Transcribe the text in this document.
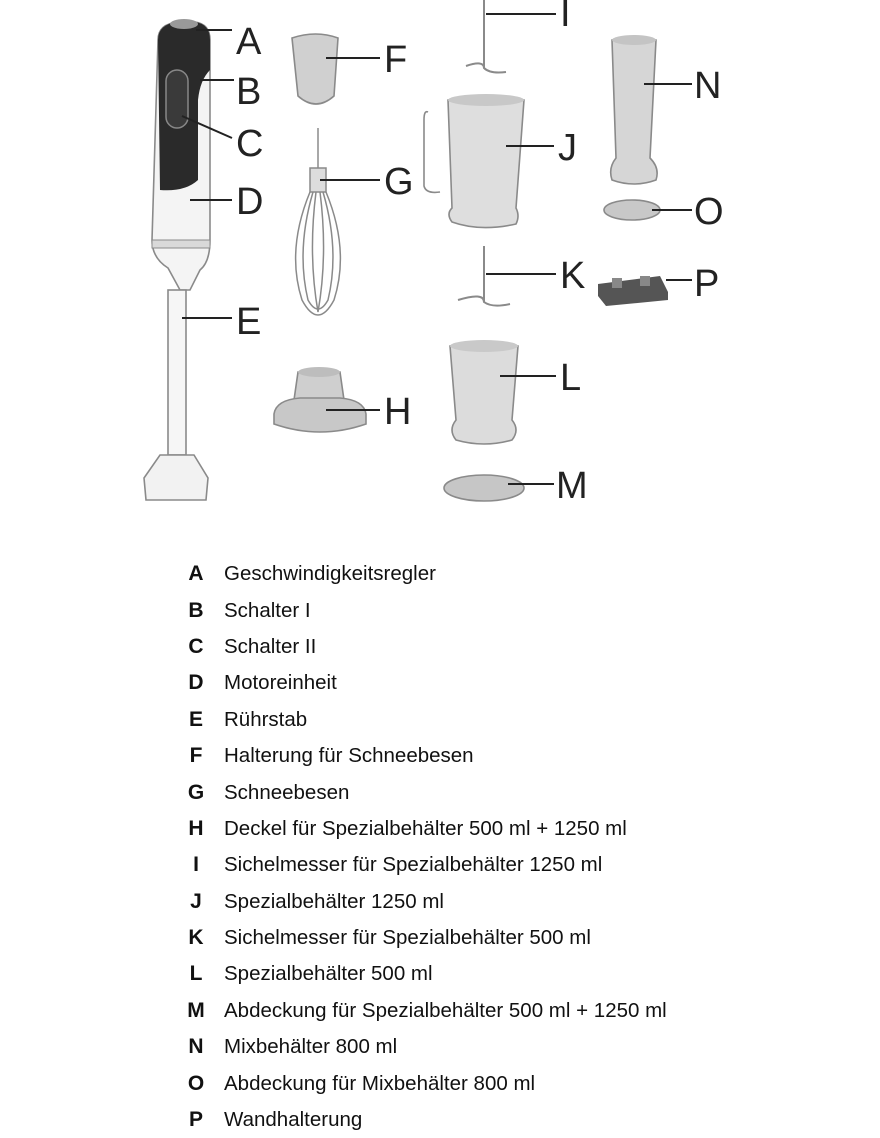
A
B
C
D
E
F
G
H
I
J
K
L
M
N
O
P
A Geschwindigkeitsregler
B Schalter I
C Schalter II
D Motoreinheit
E	Rührstab
F	Halterung für Schneebesen
G Schneebesen
H Deckel für Spezialbehälter 500 ml + 1250 ml
I	Sichelmesser für Spezialbehälter 1250 ml
J	Spezialbehälter 1250 ml
K Sichelmesser für Spezialbehälter 500 ml
L	Spezialbehälter 500 ml
M Abdeckung für Spezialbehälter 500 ml + 1250 ml
N Mixbehälter 800 ml
O Abdeckung für Mixbehälter 800 ml
P	Wandhalterung
